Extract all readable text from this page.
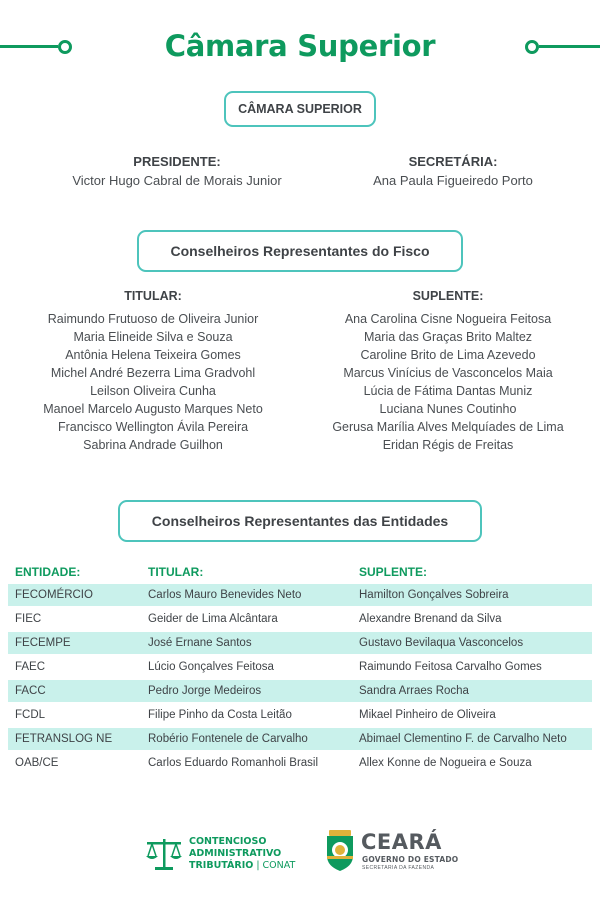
Câmara Superior
CÂMARA SUPERIOR
PRESIDENTE:
Victor Hugo Cabral de Morais Junior
SECRETÁRIA:
Ana Paula Figueiredo Porto
Conselheiros Representantes do Fisco
TITULAR:
Raimundo Frutuoso de Oliveira Junior
Maria Elineide Silva e Souza
Antônia Helena Teixeira Gomes
Michel André Bezerra Lima Gradvohl
Leilson Oliveira Cunha
Manoel Marcelo Augusto Marques Neto
Francisco Wellington Ávila Pereira
Sabrina Andrade Guilhon
SUPLENTE:
Ana Carolina Cisne Nogueira Feitosa
Maria das Graças Brito Maltez
Caroline Brito de Lima Azevedo
Marcus Vinícius de Vasconcelos Maia
Lúcia de Fátima Dantas Muniz
Luciana Nunes Coutinho
Gerusa Marília Alves Melquíades de Lima
Eridan Régis de Freitas
Conselheiros Representantes das Entidades
ENTIDADE:	TITULAR:	SUPLENTE:
FECOMÉRCIO	Carlos Mauro Benevides Neto	Hamilton Gonçalves Sobreira
FIEC	Geider de Lima Alcântara	Alexandre Brenand da Silva
FECEMPE	José Ernane Santos	Gustavo Bevilaqua Vasconcelos
FAEC	Lúcio Gonçalves Feitosa	Raimundo Feitosa Carvalho Gomes
FACC	Pedro Jorge Medeiros	Sandra Arraes Rocha
FCDL	Filipe Pinho da Costa Leitão	Mikael Pinheiro de Oliveira
FETRANSLOG NE	Robério Fontenele de Carvalho	Abimael Clementino F. de Carvalho Neto
OAB/CE	Carlos Eduardo Romanholi Brasil	Allex Konne de Nogueira e Souza
CONTENCIOSO
ADMINISTRATIVO
TRIBUTÁRIO | CONAT
CEARÁ
GOVERNO DO ESTADO
SECRETARIA DA FAZENDA
